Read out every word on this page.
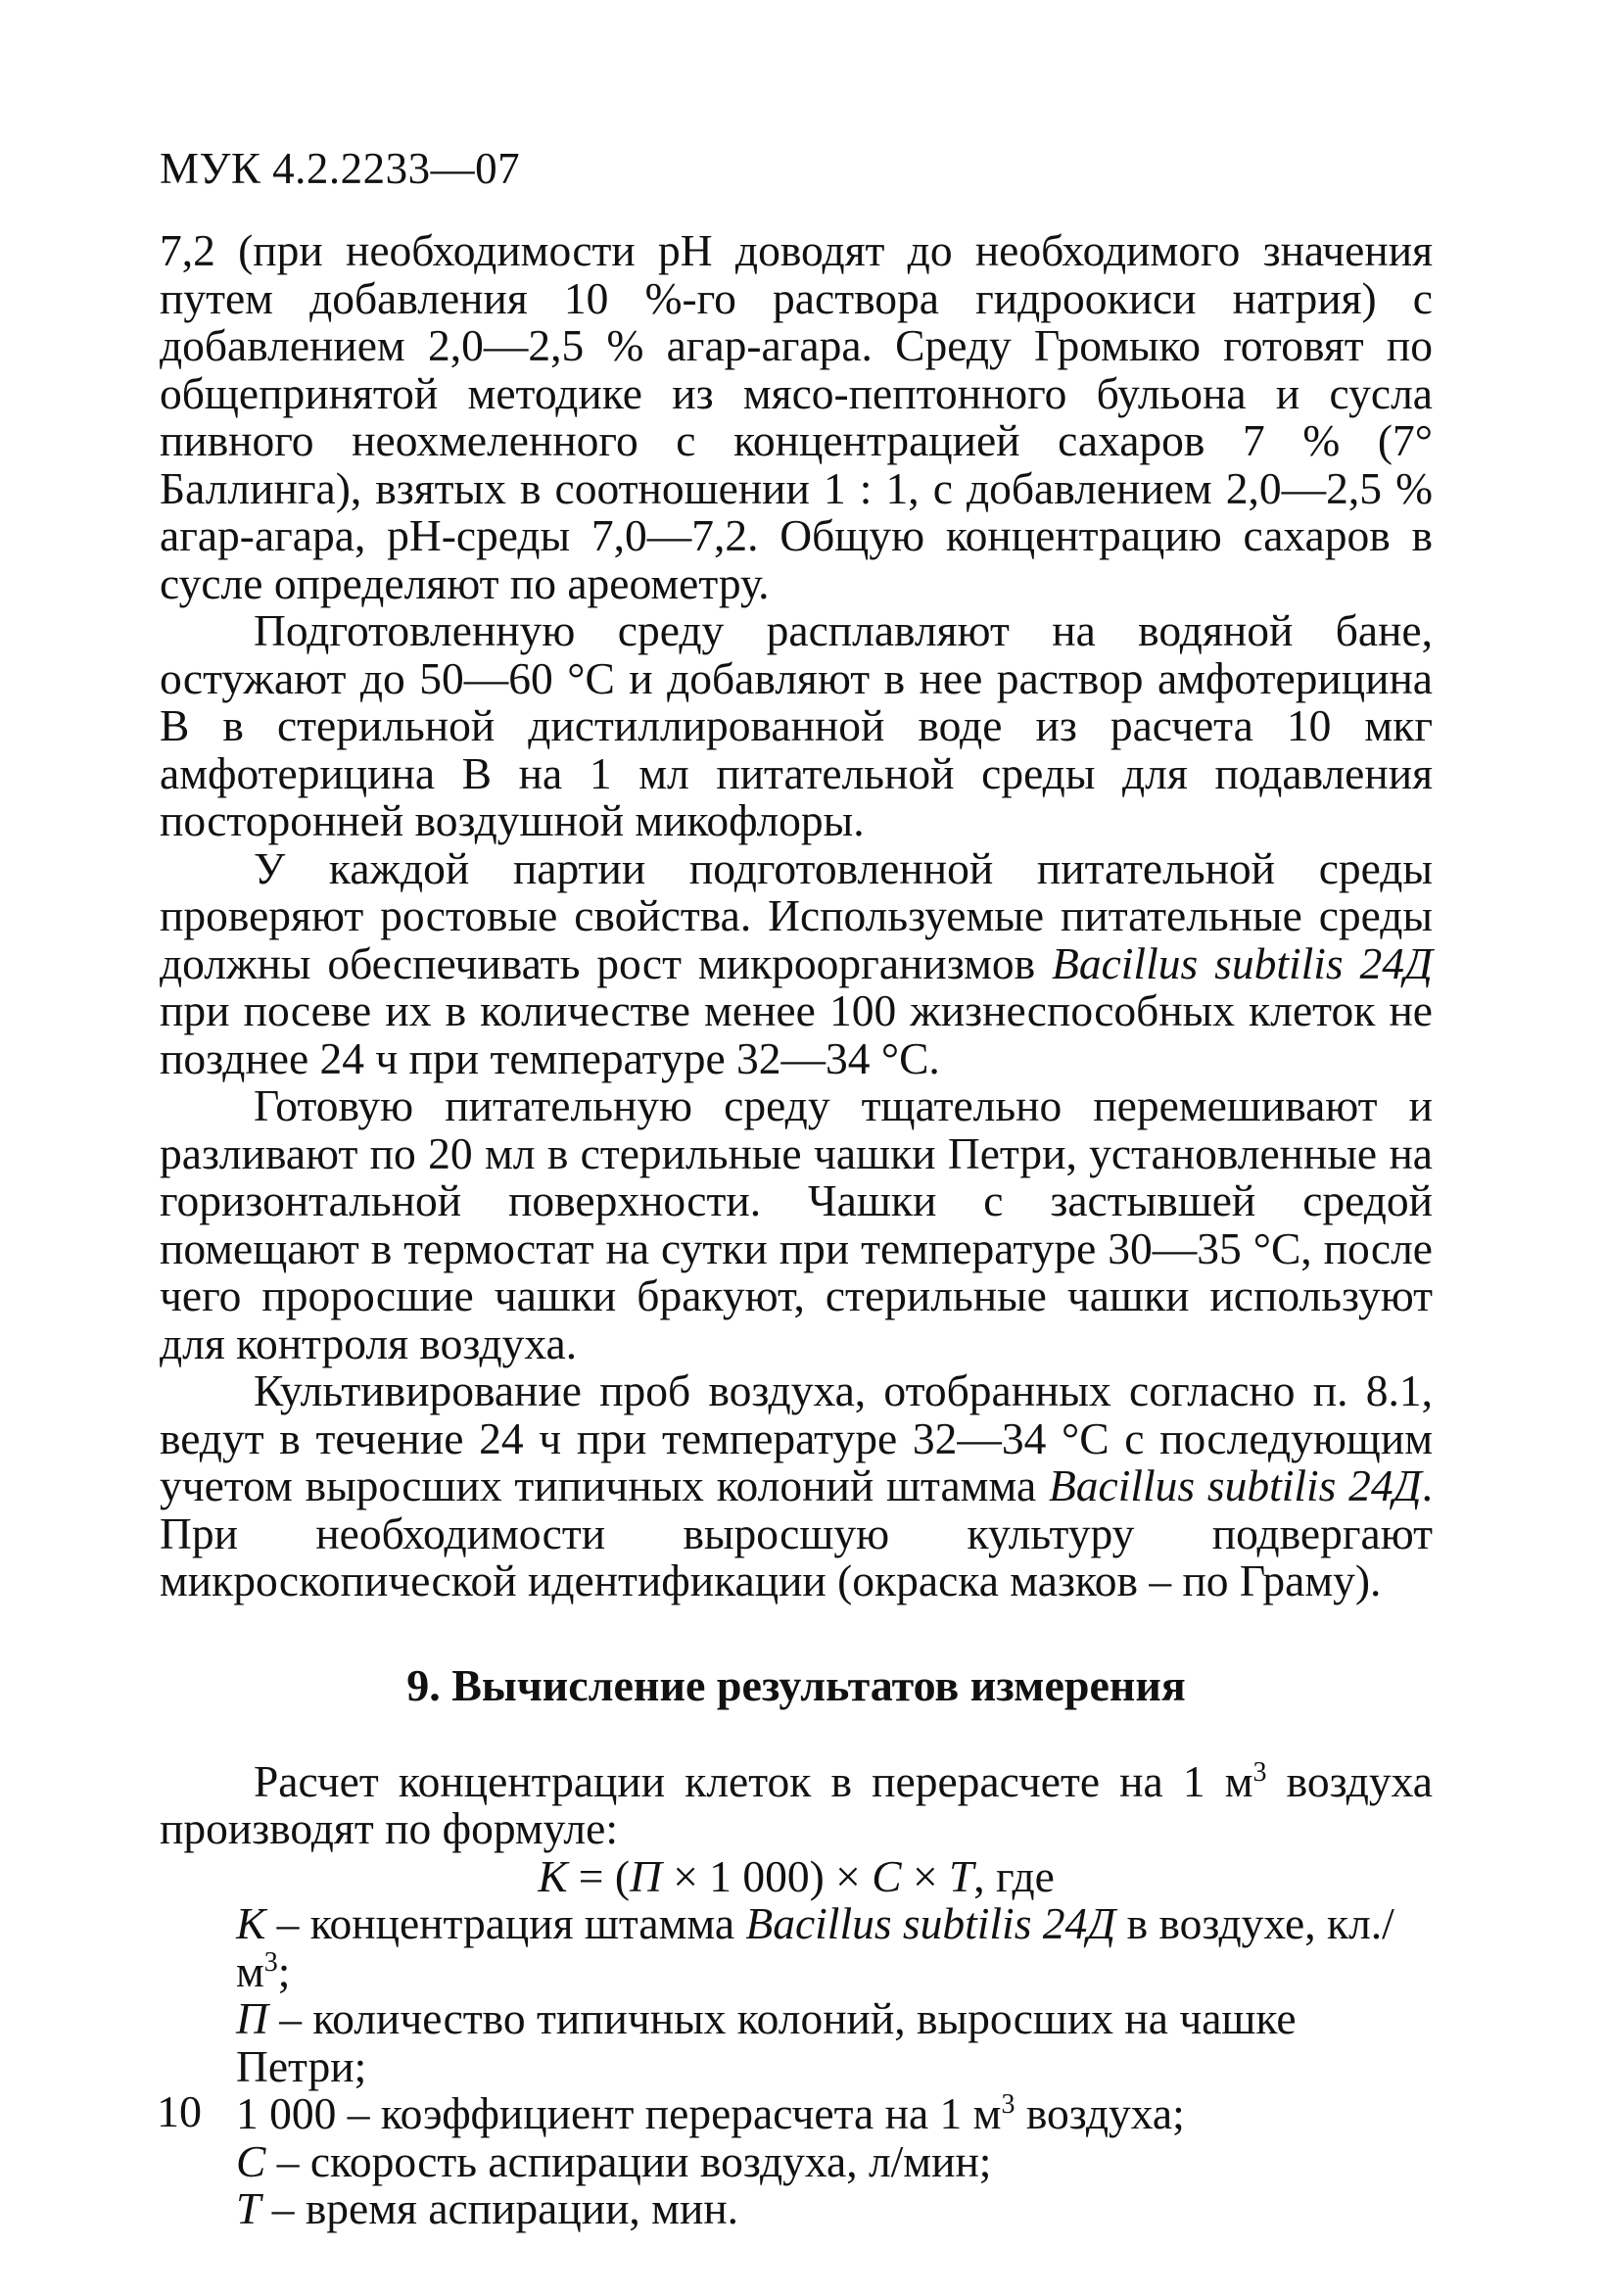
МУК 4.2.2233—07

7,2 (при необходимости pH доводят до необходимого значения путем добавления 10 %-го раствора гидроокиси натрия) с добавлением 2,0—2,5 % агар-агара. Среду Громыко готовят по общепринятой методике из мясо-пептонного бульона и сусла пивного неохмеленного с концентрацией сахаров 7 % (7° Баллинга), взятых в соотношении 1 : 1, с добавлением 2,0—2,5 % агар-агара, pH-среды 7,0—7,2. Общую концентрацию сахаров в сусле определяют по ареометру.

Подготовленную среду расплавляют на водяной бане, остужают до 50—60 °С и добавляют в нее раствор амфотерицина В в стерильной дистиллированной воде из расчета 10 мкг амфотерицина В на 1 мл питательной среды для подавления посторонней воздушной микофлоры.

У каждой партии подготовленной питательной среды проверяют ростовые свойства. Используемые питательные среды должны обеспечивать рост микроорганизмов Bacillus subtilis 24Д при посеве их в количестве менее 100 жизнеспособных клеток не позднее 24 ч при температуре 32—34 °С.

Готовую питательную среду тщательно перемешивают и разливают по 20 мл в стерильные чашки Петри, установленные на горизонтальной поверхности. Чашки с застывшей средой помещают в термостат на сутки при температуре 30—35 °С, после чего проросшие чашки бракуют, стерильные чашки используют для контроля воздуха.

Культивирование проб воздуха, отобранных согласно п. 8.1, ведут в течение 24 ч при температуре 32—34 °С с последующим учетом выросших типичных колоний штамма Bacillus subtilis 24Д. При необходимости выросшую культуру подвергают микроскопической идентификации (окраска мазков – по Граму).

9. Вычисление результатов измерения

Расчет концентрации клеток в перерасчете на 1 $м^3$ воздуха производят по формуле:

К = (П × 1 000) × С × Т, где

К – концентрация штамма Bacillus subtilis 24Д в воздухе, $кл./м^3$;

П – количество типичных колоний, выросших на чашке Петри;

1 000 – коэффициент перерасчета на 1 $м^3$ воздуха;

С – скорость аспирации воздуха, л/мин;

Т – время аспирации, мин.

10
